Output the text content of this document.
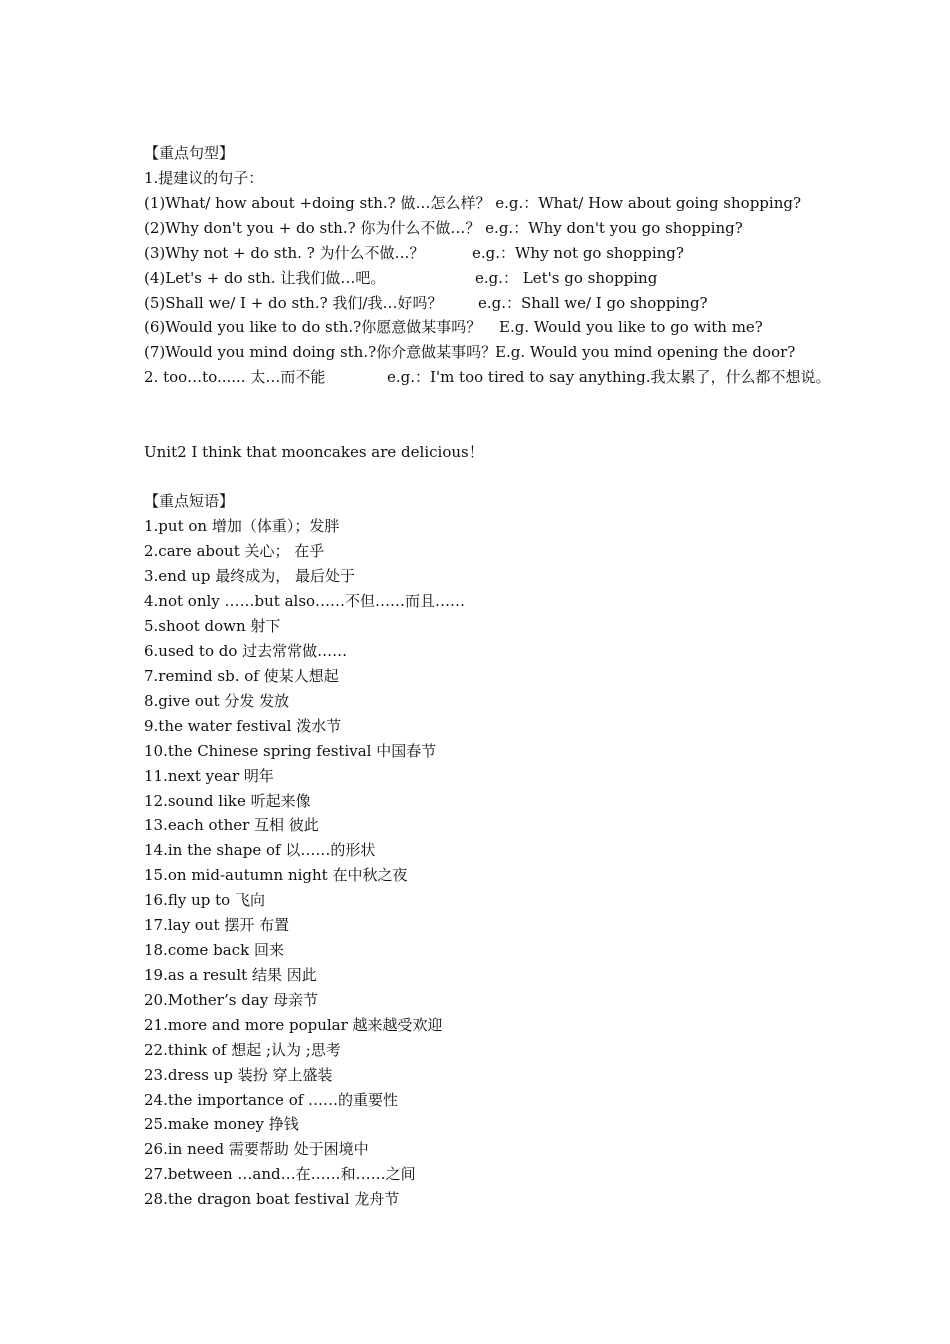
【重点句型】
1.提建议的句子：
(1)What/ how about +doing sth.? 做…怎么样？ e.g.：What/ How about going shopping?
(2)Why don't you + do sth.? 你为什么不做…？ e.g.：Why don't you go shopping?
(3)Why not + do sth. ? 为什么不做…？	e.g.：Why not go shopping?
(4)Let's + do sth. 让我们做…吧。	e.g.： Let's go shopping
(5)Shall we/ I + do sth.? 我们/我…好吗？ e.g.：Shall we/ I go shopping?
(6)Would you like to do sth.?你愿意做某事吗？ E.g. Would you like to go with me?
(7)Would you mind doing sth.?你介意做某事吗？
E.g. Would you mind opening the door?
2. too…to...... 太…而不能	e.g.：I'm too tired to say anything.我太累了，什么都不想说。
Unit2 I think that mooncakes are delicious！
【重点短语】
1.put on 增加（体重）；发胖
2.care about 关心； 在乎
3.end up 最终成为， 最后处于
4.not only ……but also……不但……而且……
5.shoot down 射下
6.used to do 过去常常做……
7.remind sb. of 使某人想起
8.give out 分发 发放
9.the water festival 泼水节
10.the Chinese spring festival 中国春节
11.next year 明年
12.sound like 听起来像
13.each other 互相 彼此
14.in the shape of 以……的形状
15.on mid-autumn night 在中秋之夜
16.fly up to 飞向
17.lay out 摆开 布置
18.come back 回来
19.as a result 结果 因此
20.Mother’s day 母亲节
21.more and more popular 越来越受欢迎
22.think of 想起 ;认为 ;思考
23.dress up 装扮 穿上盛装
24.the importance of ……的重要性
25.make money 挣钱
26.in need 需要帮助 处于困境中
27.between …and…在……和……之间
28.the dragon boat festival 龙舟节
